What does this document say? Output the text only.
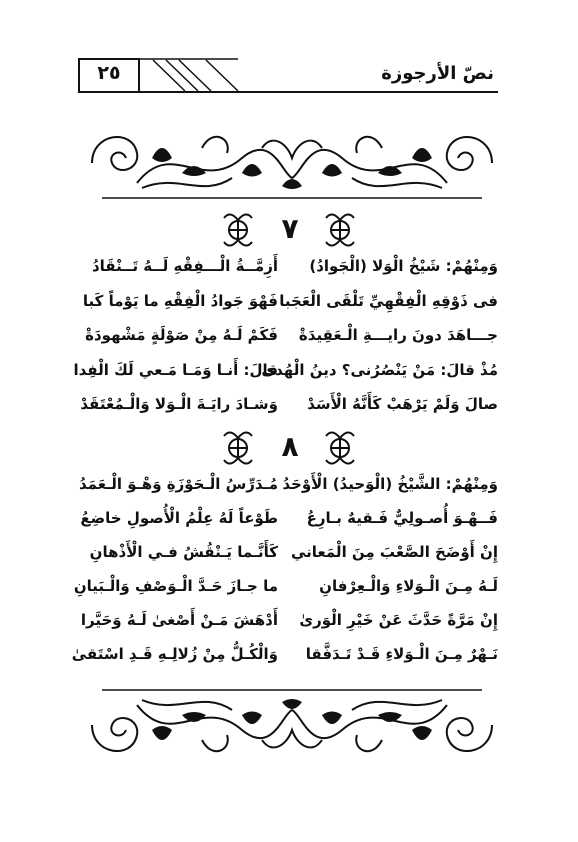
٢٥	نصّ الأرجوزة
٧
وَمِنْهُمْ: شَيْخُ الْوَلا (الْجَوادُ)
أَزِمَّــةُ الْـــفِقْهِ لَــهُ تَــنْقَادُ
فى ذَوْقِهِ الْفِقْهِيِّ تَلْقَى الْعَجَبا
فَهْوَ جَوادُ الْفِقْهِ ما يَوْماً كَبا
جـــاهَدَ دونَ رايـــةِ الْـعَقِيدَةْ
فَكَمْ لَـهُ مِنْ صَوْلَةٍ مَشْهودَةْ
مُذْ قالَ: مَنْ يَنْصُرُنى؟ دينُ الْهُدىٰ
قالَ: أَنـا وَمَـا مَـعي لَكَ الْفِدا
صالَ وَلَمْ يَرْهَبْ كَأَنَّهُ الْأَسَدْ
وَشـادَ رايَـةَ الْـوَلا وَالْـمُعْتَقَدْ
٨
وَمِنْهُمْ: الشَّيْخُ (الْوَحيدُ) الْأَوْحَدُ
مُـدَرِّسُ الْـحَوْزَةِ وَهْـوَ الْـعَمَدُ
فَــهْـوَ أُصـولِيٌّ فَـقيهٌ بـارِعُ
طَوْعاً لَهُ عِلْمُ الْأُصولِ خاضِعُ
إِنْ أَوْضَحَ الصَّعْبَ مِنَ الْمَعاني
كَأَنَّـما يَـنْقُشُ فـي الْأَذْهانِ
لَـهُ مِـنَ الْـوَلاءِ وَالْـعِرْفانِ
ما جـازَ حَـدَّ الْـوَصْفِ وَالْـبَيانِ
إِنْ مَرَّةً حَدَّثَ عَنْ خَيْرِ الْوَرىٰ
أَدْهَشَ مَـنْ أَصْغىٰ لَـهُ وَحَيَّرا
نَـهْرٌ مِـنَ الْـوَلاءِ قَـدْ تَـدَفَّقا
وَالْكُـلُّ مِنْ زُلالِـهِ قَـدِ اسْتَقىٰ
